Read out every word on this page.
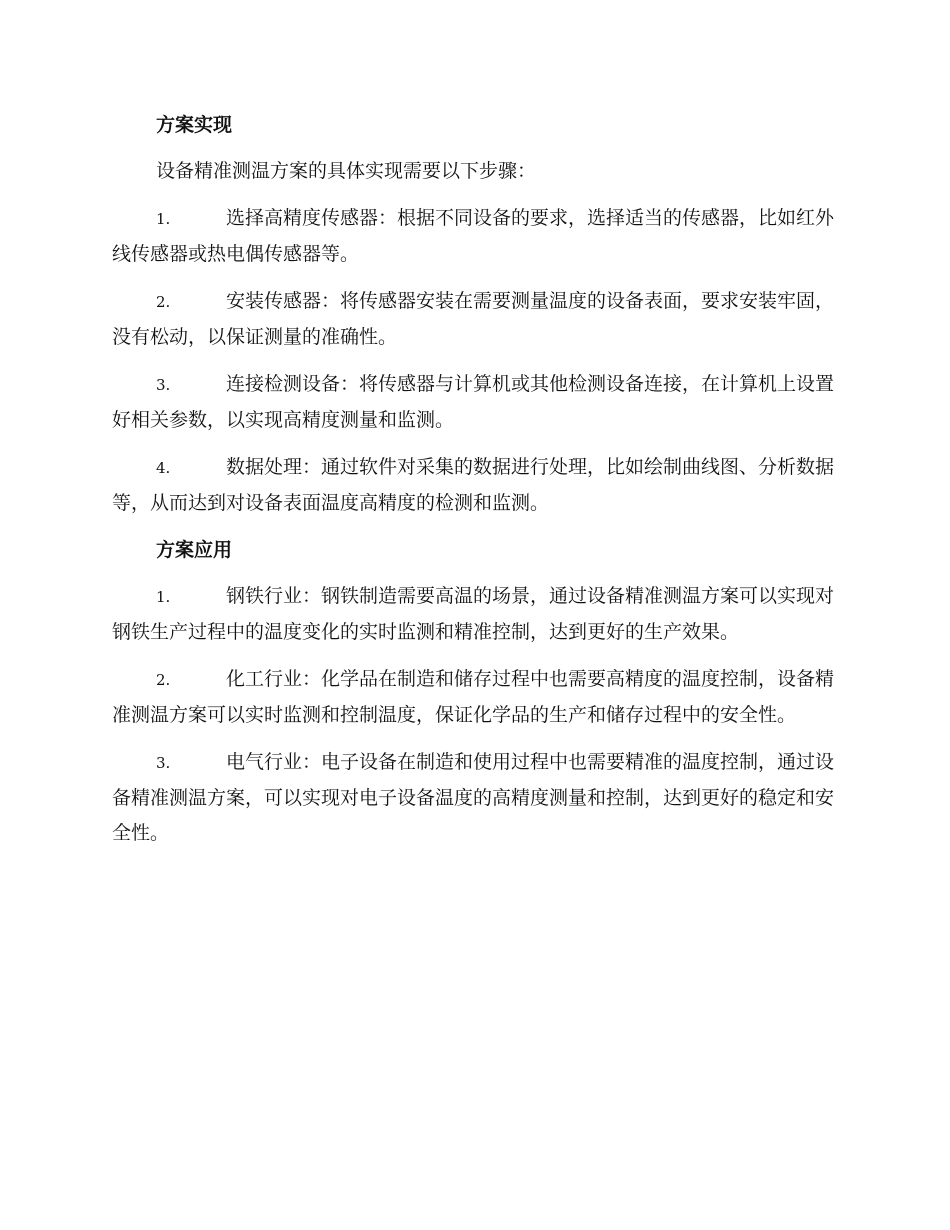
方案实现

设备精准测温方案的具体实现需要以下步骤：

1.	选择高精度传感器：根据不同设备的要求，选择适当的传感器，比如红外线传感器或热电偶传感器等。

2.	安装传感器：将传感器安装在需要测量温度的设备表面，要求安装牢固，没有松动，以保证测量的准确性。

3.	连接检测设备：将传感器与计算机或其他检测设备连接，在计算机上设置好相关参数，以实现高精度测量和监测。

4.	数据处理：通过软件对采集的数据进行处理，比如绘制曲线图、分析数据等，从而达到对设备表面温度高精度的检测和监测。

方案应用

1.	钢铁行业：钢铁制造需要高温的场景，通过设备精准测温方案可以实现对钢铁生产过程中的温度变化的实时监测和精准控制，达到更好的生产效果。

2.	化工行业：化学品在制造和储存过程中也需要高精度的温度控制，设备精准测温方案可以实时监测和控制温度，保证化学品的生产和储存过程中的安全性。

3.	电气行业：电子设备在制造和使用过程中也需要精准的温度控制，通过设备精准测温方案，可以实现对电子设备温度的高精度测量和控制，达到更好的稳定和安全性。
